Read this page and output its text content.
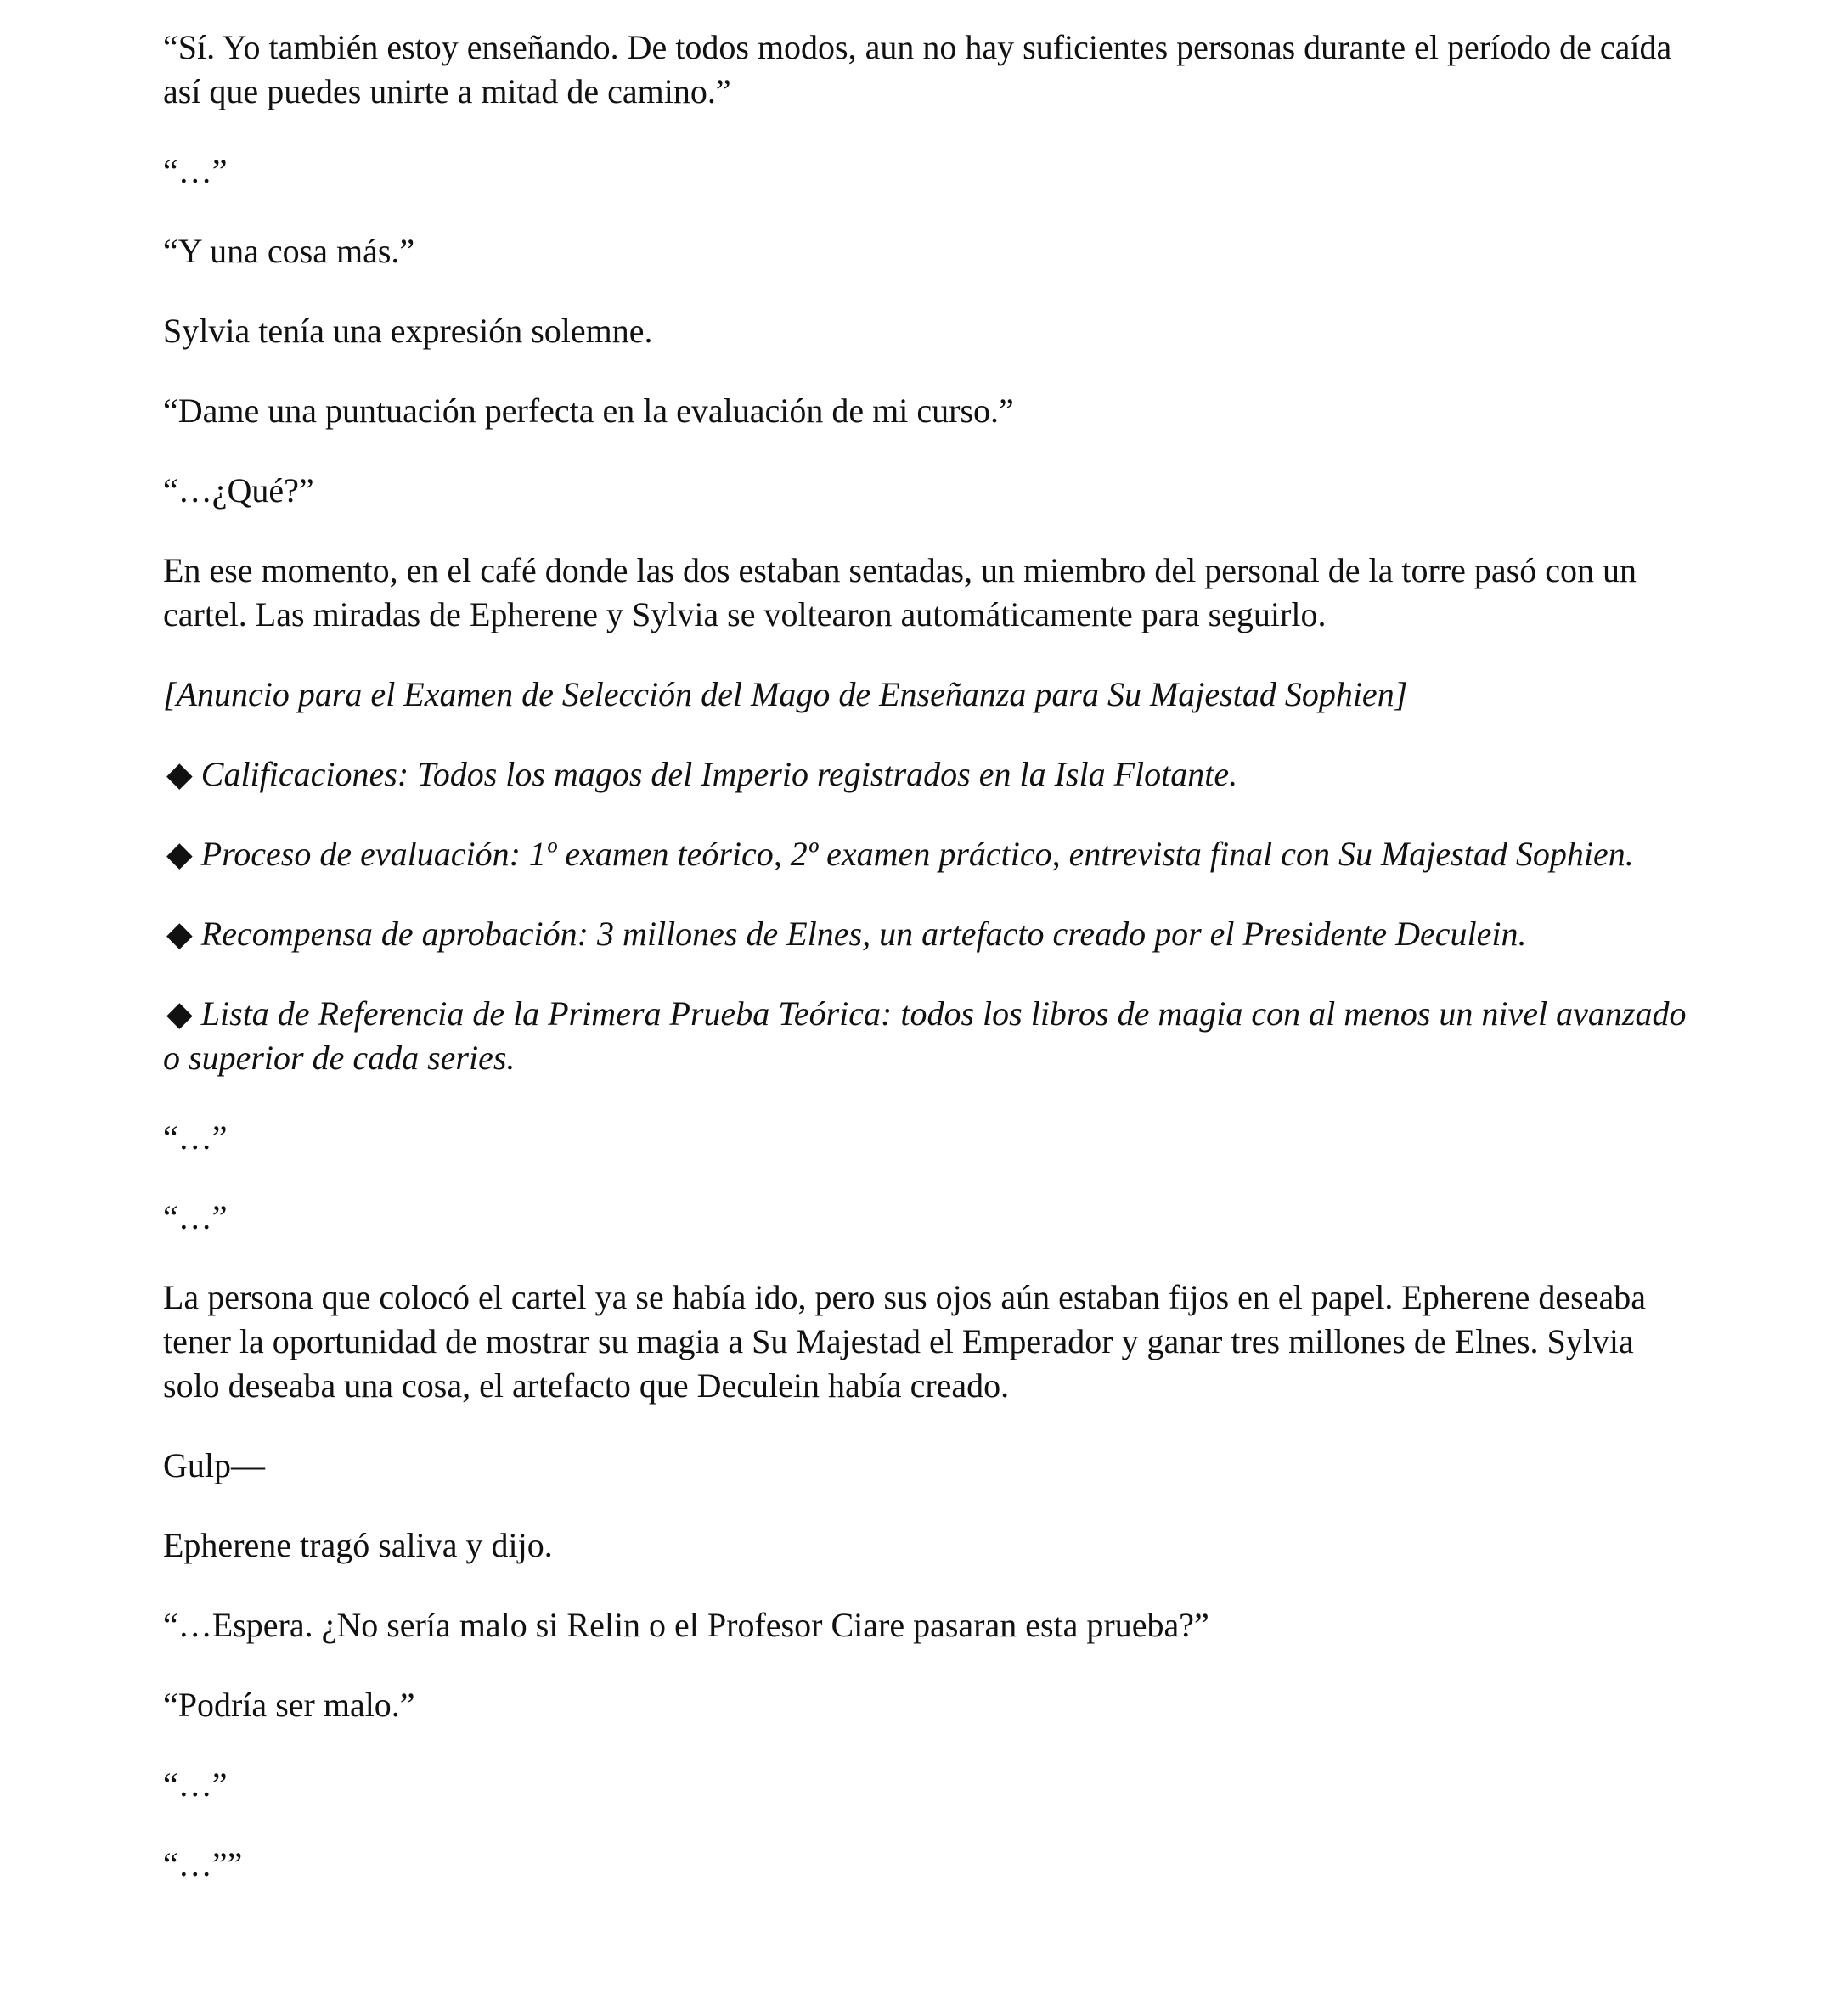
“Sí. Yo también estoy enseñando. De todos modos, aun no hay suficientes personas durante el período de caída así que puedes unirte a mitad de camino.”

“…”

“Y una cosa más.”

Sylvia tenía una expresión solemne.

“Dame una puntuación perfecta en la evaluación de mi curso.”

“…¿Qué?”

En ese momento, en el café donde las dos estaban sentadas, un miembro del personal de la torre pasó con un cartel. Las miradas de Epherene y Sylvia se voltearon automáticamente para seguirlo.

[Anuncio para el Examen de Selección del Mago de Enseñanza para Su Majestad Sophien]

◆ Calificaciones: Todos los magos del Imperio registrados en la Isla Flotante.

◆ Proceso de evaluación: 1º examen teórico, 2º examen práctico, entrevista final con Su Majestad Sophien.

◆ Recompensa de aprobación: 3 millones de Elnes, un artefacto creado por el Presidente Deculein.

◆ Lista de Referencia de la Primera Prueba Teórica: todos los libros de magia con al menos un nivel avanzado o superior de cada series.

“…”

“…”

La persona que colocó el cartel ya se había ido, pero sus ojos aún estaban fijos en el papel. Epherene deseaba tener la oportunidad de mostrar su magia a Su Majestad el Emperador y ganar tres millones de Elnes. Sylvia solo deseaba una cosa, el artefacto que Deculein había creado.

Gulp—

Epherene tragó saliva y dijo.

“…Espera. ¿No sería malo si Relin o el Profesor Ciare pasaran esta prueba?”

“Podría ser malo.”

“…”

“…””
